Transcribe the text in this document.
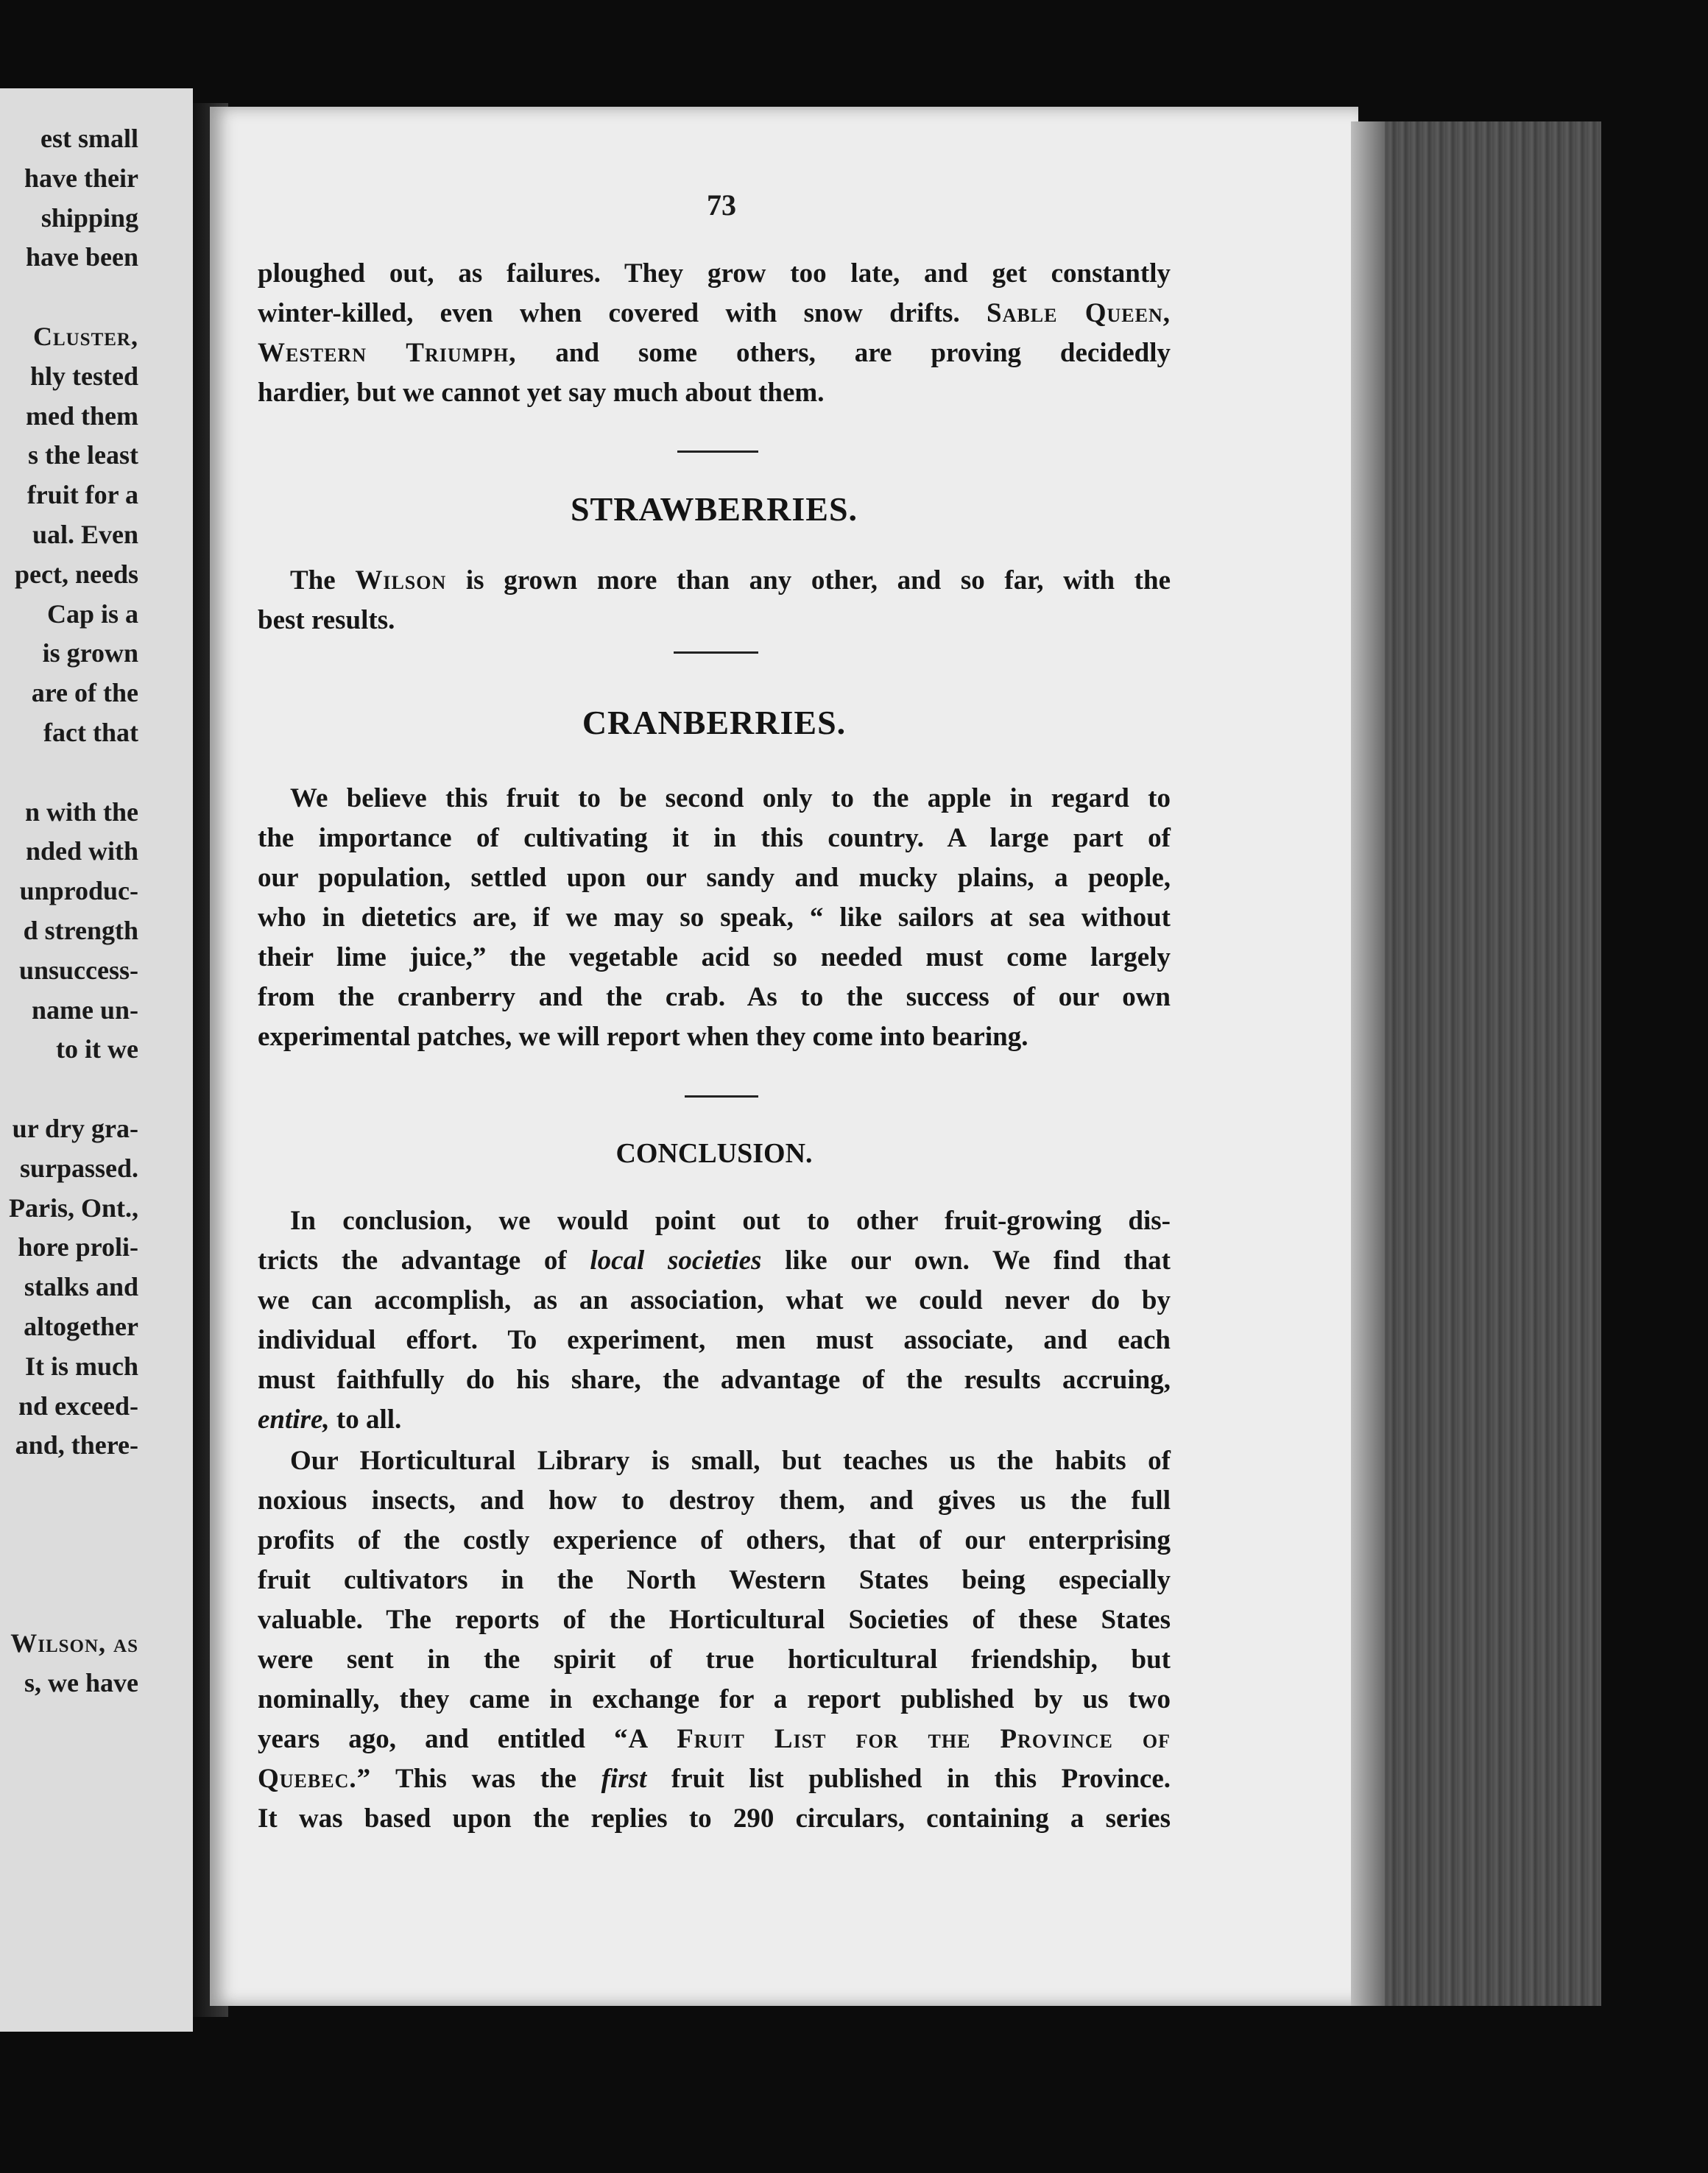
est small
have their
shipping
have been
Cluster,
hly tested
med them
s the least
fruit for a
ual. Even
pect, needs
Cap is a
is grown
are of the
fact that
n with the
nded with
unproduc-
d strength
unsuccess-
name un-
to it we
ur dry gra-
surpassed.
Paris, Ont.,
hore proli-
stalks and
altogether
It is much
nd exceed-
and, there-
Wilson, as
s, we have
73
ploughed out, as failures. They grow too late, and get constantly
winter-killed, even when covered with snow drifts. Sable Queen,
Western Triumph, and some others, are proving decidedly
hardier, but we cannot yet say much about them.
STRAWBERRIES.
The Wilson is grown more than any other, and so far, with the
best results.
CRANBERRIES.
We believe this fruit to be second only to the apple in regard to
the importance of cultivating it in this country. A large part of
our population, settled upon our sandy and mucky plains, a people,
who in dietetics are, if we may so speak, “ like sailors at sea without
their lime juice,” the vegetable acid so needed must come largely
from the cranberry and the crab. As to the success of our own
experimental patches, we will report when they come into bearing.
CONCLUSION.
In conclusion, we would point out to other fruit-growing dis-
tricts the advantage of local societies like our own. We find that
we can accomplish, as an association, what we could never do by
individual effort. To experiment, men must associate, and each
must faithfully do his share, the advantage of the results accruing,
entire, to all.
Our Horticultural Library is small, but teaches us the habits of
noxious insects, and how to destroy them, and gives us the full
profits of the costly experience of others, that of our enterprising
fruit cultivators in the North Western States being especially
valuable. The reports of the Horticultural Societies of these States
were sent in the spirit of true horticultural friendship, but
nominally, they came in exchange for a report published by us two
years ago, and entitled “A Fruit List for the Province of
Quebec.” This was the first fruit list published in this Province.
It was based upon the replies to 290 circulars, containing a series
